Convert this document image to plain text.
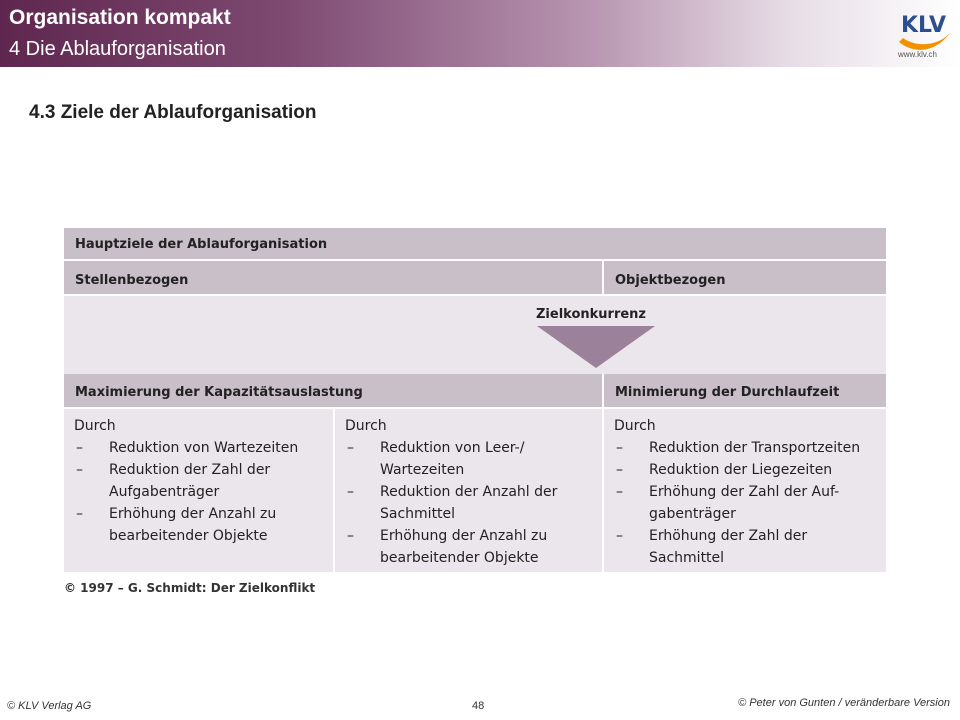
Organisation kompakt
4 Die Ablauforganisation
KLV
www.klv.ch
4.3 Ziele der Ablauforganisation
Hauptziele der Ablauforganisation
Stellenbezogen	Objektbezogen
Zielkonkurrenz
Maximierung der Kapazitätsauslastung	Minimierung der Durchlaufzeit
Durch
– Reduktion von Wartezeiten
– Reduktion der Zahl der Aufgabenträger
– Erhöhung der Anzahl zu bearbeitender Objekte
Durch
– Reduktion von Leer-/ Wartezeiten
– Reduktion der Anzahl der Sachmittel
– Erhöhung der Anzahl zu bearbeitender Objekte
Durch
– Reduktion der Transportzeiten
– Reduktion der Liegezeiten
– Erhöhung der Zahl der Auf-gabenträger
– Erhöhung der Zahl der Sachmittel
© 1997 – G. Schmidt: Der Zielkonflikt
© KLV Verlag AG	48	© Peter von Gunten / veränderbare Version
